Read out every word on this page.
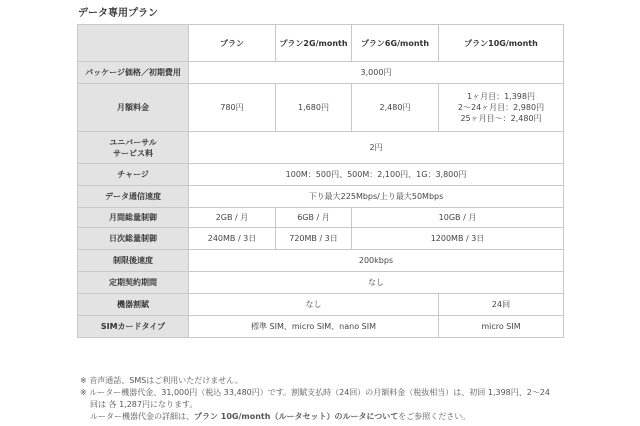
データ専用プラン
	プラン	プラン2G/month	プラン6G/month	プラン10G/month
パッケージ価格／初期費用	3,000円			
月額料金	780円	1,680円	2,480円	1ヶ月目：1,398円
2〜24ヶ月目：2,980円
25ヶ月目〜：2,480円
ユニバーサル
サービス料	2円			
チャージ	100M：500円、500M：2,100円、1G：3,800円			
データ通信速度	下り最大225Mbps/上り最大50Mbps			
月間総量制御	2GB / 月	6GB / 月	10GB / 月	
日次総量制御	240MB / 3日	720MB / 3日	1200MB / 3日	
制限後速度	200kbps			
定期契約期間	なし			
機器割賦	なし			24回
SIMカードタイプ	標準 SIM、micro SIM、nano SIM			micro SIM

※ 音声通話、SMSはご利用いただけません。

※ ルーター機器代金、31,000円（税込 33,480円）です。割賦支払時（24回）の月額料金（税抜相当）は、初回 1,398円、2〜24

回は 各 1,287円になります。

ルーター機器代金の詳細は、プラン 10G/month（ルータセット）のルータについてをご参照ください。
